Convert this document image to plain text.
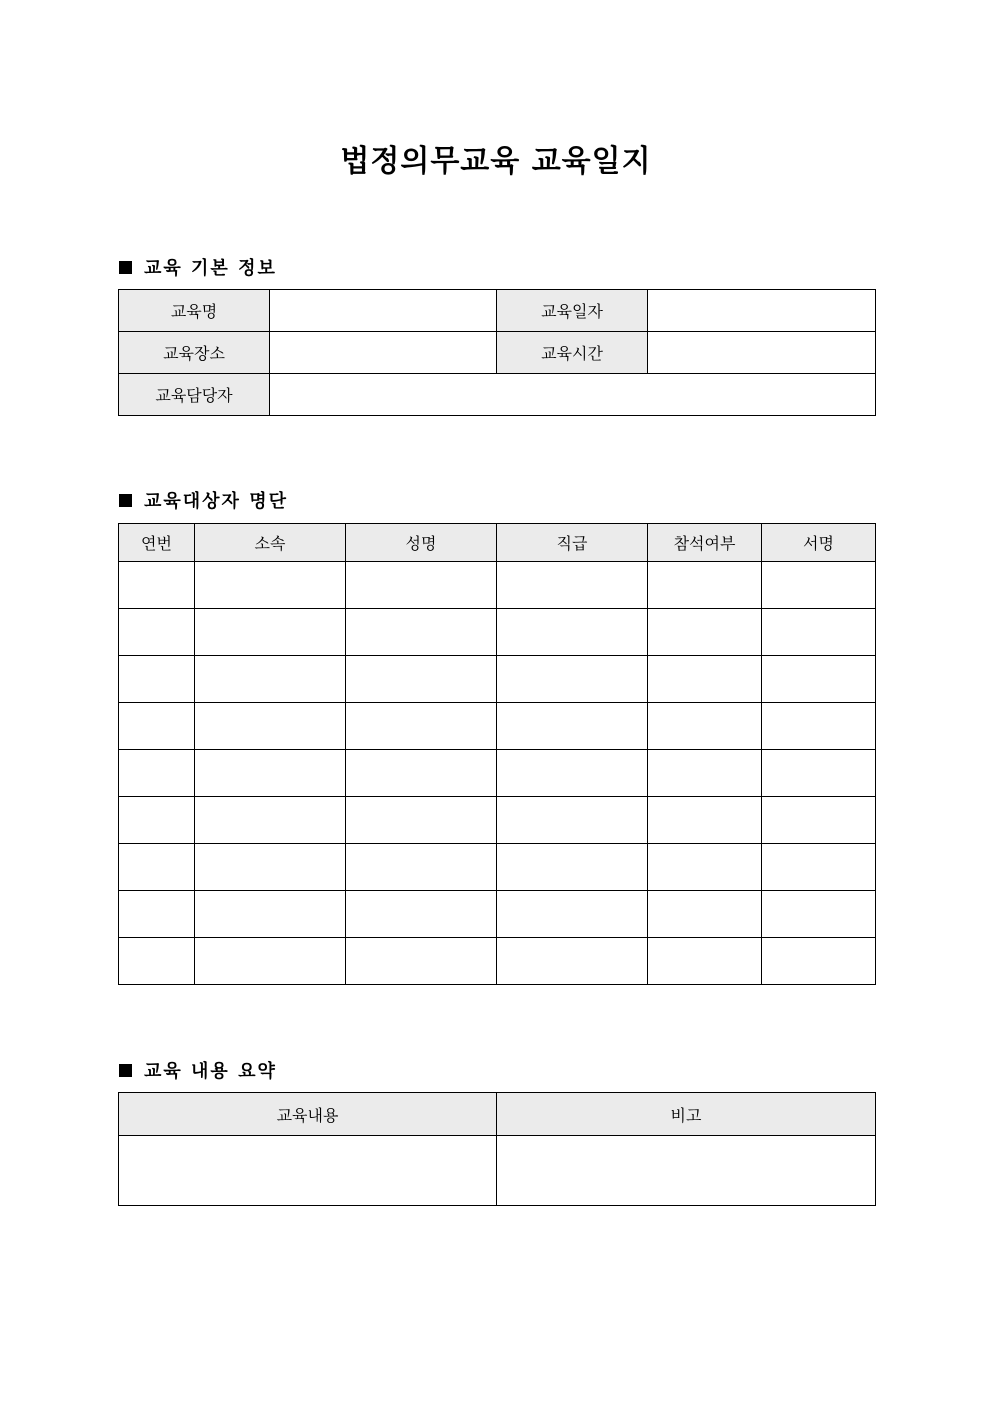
법정의무교육 교육일지
교육 기본 정보
교육명		교육일자	
교육장소		교육시간	
교육담당자			
교육대상자 명단
연번	소속	성명	직급	참석여부	서명

교육 내용 요약
교육내용	비고
